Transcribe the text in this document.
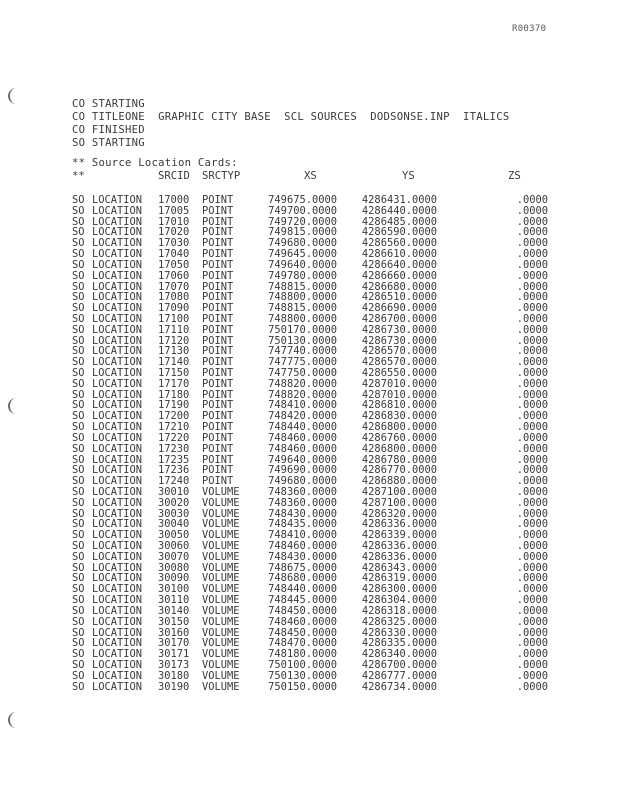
R00370
CO STARTING
CO TITLEONE  GRAPHIC CITY BASE  SCL SOURCES  DODSONSE.INP  ITALICS
CO FINISHED
SO STARTING
** Source Location Cards:
**	SRCID SRCTYP	XS	YS	ZS
SO LOCATION 17000 POINT	749675.0000 4286431.0000	.0000
SO LOCATION 17005 POINT	749700.0000 4286440.0000	.0000
SO LOCATION 17010 POINT	749720.0000 4286485.0000	.0000
SO LOCATION 17020 POINT	749815.0000 4286590.0000	.0000
SO LOCATION 17030 POINT	749680.0000 4286560.0000	.0000
SO LOCATION 17040 POINT	749645.0000 4286610.0000	.0000
SO LOCATION 17050 POINT	749640.0000 4286640.0000	.0000
SO LOCATION 17060 POINT	749780.0000 4286660.0000	.0000
SO LOCATION 17070 POINT	748815.0000 4286680.0000	.0000
SO LOCATION 17080 POINT	748800.0000 4286510.0000	.0000
SO LOCATION 17090 POINT	748815.0000 4286690.0000	.0000
SO LOCATION 17100 POINT	748800.0000 4286700.0000	.0000
SO LOCATION 17110 POINT	750170.0000 4286730.0000	.0000
SO LOCATION 17120 POINT	750130.0000 4286730.0000	.0000
SO LOCATION 17130 POINT	747740.0000 4286570.0000	.0000
SO LOCATION 17140 POINT	747775.0000 4286570.0000	.0000
SO LOCATION 17150 POINT	747750.0000 4286550.0000	.0000
SO LOCATION 17170 POINT	748820.0000 4287010.0000	.0000
SO LOCATION 17180 POINT	748820.0000 4287010.0000	.0000
SO LOCATION 17190 POINT	748410.0000 4286810.0000	.0000
SO LOCATION 17200 POINT	748420.0000 4286830.0000	.0000
SO LOCATION 17210 POINT	748440.0000 4286800.0000	.0000
SO LOCATION 17220 POINT	748460.0000 4286760.0000	.0000
SO LOCATION 17230 POINT	748460.0000 4286800.0000	.0000
SO LOCATION 17235 POINT	749640.0000 4286780.0000	.0000
SO LOCATION 17236 POINT	749690.0000 4286770.0000	.0000
SO LOCATION 17240 POINT	749680.0000 4286880.0000	.0000
SO LOCATION 30010 VOLUME	748360.0000 4287100.0000	.0000
SO LOCATION 30020 VOLUME	748360.0000 4287100.0000	.0000
SO LOCATION 30030 VOLUME	748430.0000 4286320.0000	.0000
SO LOCATION 30040 VOLUME	748435.0000 4286336.0000	.0000
SO LOCATION 30050 VOLUME	748410.0000 4286339.0000	.0000
SO LOCATION 30060 VOLUME	748460.0000 4286336.0000	.0000
SO LOCATION 30070 VOLUME	748430.0000 4286336.0000	.0000
SO LOCATION 30080 VOLUME	748675.0000 4286343.0000	.0000
SO LOCATION 30090 VOLUME	748680.0000 4286319.0000	.0000
SO LOCATION 30100 VOLUME	748440.0000 4286300.0000	.0000
SO LOCATION 30110 VOLUME	748445.0000 4286304.0000	.0000
SO LOCATION 30140 VOLUME	748450.0000 4286318.0000	.0000
SO LOCATION 30150 VOLUME	748460.0000 4286325.0000	.0000
SO LOCATION 30160 VOLUME	748450.0000 4286330.0000	.0000
SO LOCATION 30170 VOLUME	748470.0000 4286335.0000	.0000
SO LOCATION 30171 VOLUME	748180.0000 4286340.0000	.0000
SO LOCATION 30173 VOLUME	750100.0000 4286700.0000	.0000
SO LOCATION 30180 VOLUME	750130.0000 4286777.0000	.0000
SO LOCATION 30190 VOLUME	750150.0000 4286734.0000	.0000
